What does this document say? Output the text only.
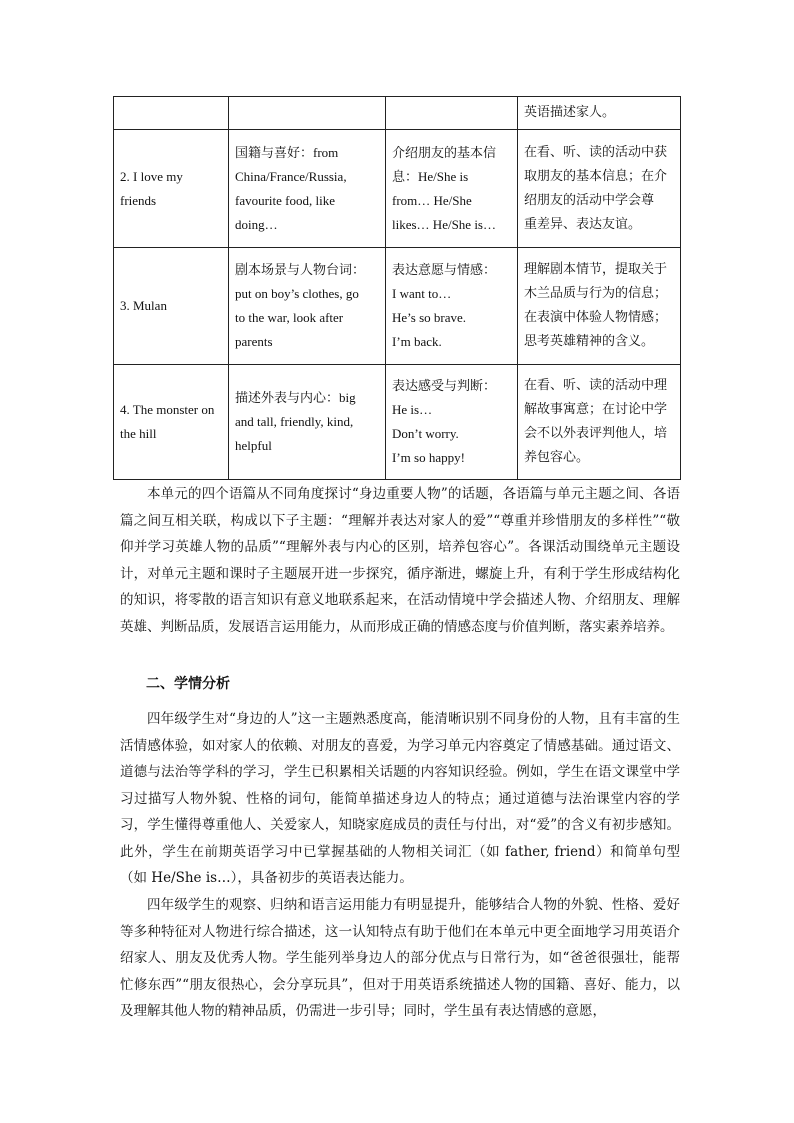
			英语描述家人。
2. I love my friends	国籍与喜好：from
China/France/Russia,
favourite food, like
doing…	介绍朋友的基本信
息：He/She is
from… He/She
likes… He/She is…	在看、听、读的活动中获
取朋友的基本信息；在介
绍朋友的活动中学会尊
重差异、表达友谊。

3. Mulan	剧本场景与人物台词：
put on boy’s clothes, go
to the war, look after
parents	表达意愿与情感：
I want to…
He’s so brave.
I’m back.	理解剧本情节，提取关于
木兰品质与行为的信息；
在表演中体验人物情感；
思考英雄精神的含义。

4. The monster on the hill	描述外表与内心：big
and tall, friendly, kind,
helpful	表达感受与判断：
He is…
Don’t worry.
I’m so happy!	在看、听、读的活动中理
解故事寓意；在讨论中学
会不以外表评判他人，培
养包容心。

本单元的四个语篇从不同角度探讨“身边重要人物”的话题，各语篇与单元主题之间、各语篇之间互相关联，构成以下子主题：“理解并表达对家人的爱”“尊重并珍惜朋友的多样性”“敬仰并学习英雄人物的品质”“理解外表与内心的区别，培养包容心”。各课活动围绕单元主题设计，对单元主题和课时子主题展开进一步探究，循序渐进，螺旋上升，有利于学生形成结构化的知识，将零散的语言知识有意义地联系起来，在活动情境中学会描述人物、介绍朋友、理解英雄、判断品质，发展语言运用能力，从而形成正确的情感态度与价值判断，落实素养培养。

二、学情分析

四年级学生对“身边的人”这一主题熟悉度高，能清晰识别不同身份的人物，且有丰富的生活情感体验，如对家人的依赖、对朋友的喜爱，为学习单元内容奠定了情感基础。通过语文、道德与法治等学科的学习，学生已积累相关话题的内容知识经验。例如，学生在语文课堂中学习过描写人物外貌、性格的词句，能简单描述身边人的特点；通过道德与法治课堂内容的学习，学生懂得尊重他人、关爱家人，知晓家庭成员的责任与付出，对“爱”的含义有初步感知。此外，学生在前期英语学习中已掌握基础的人物相关词汇（如 father, friend）和简单句型（如 He/She is…），具备初步的英语表达能力。

四年级学生的观察、归纳和语言运用能力有明显提升，能够结合人物的外貌、性格、爱好等多种特征对人物进行综合描述，这一认知特点有助于他们在本单元中更全面地学习用英语介绍家人、朋友及优秀人物。学生能列举身边人的部分优点与日常行为，如“爸爸很强壮，能帮忙修东西”“朋友很热心，会分享玩具”，但对于用英语系统描述人物的国籍、喜好、能力，以及理解其他人物的精神品质，仍需进一步引导；同时，学生虽有表达情感的意愿，
